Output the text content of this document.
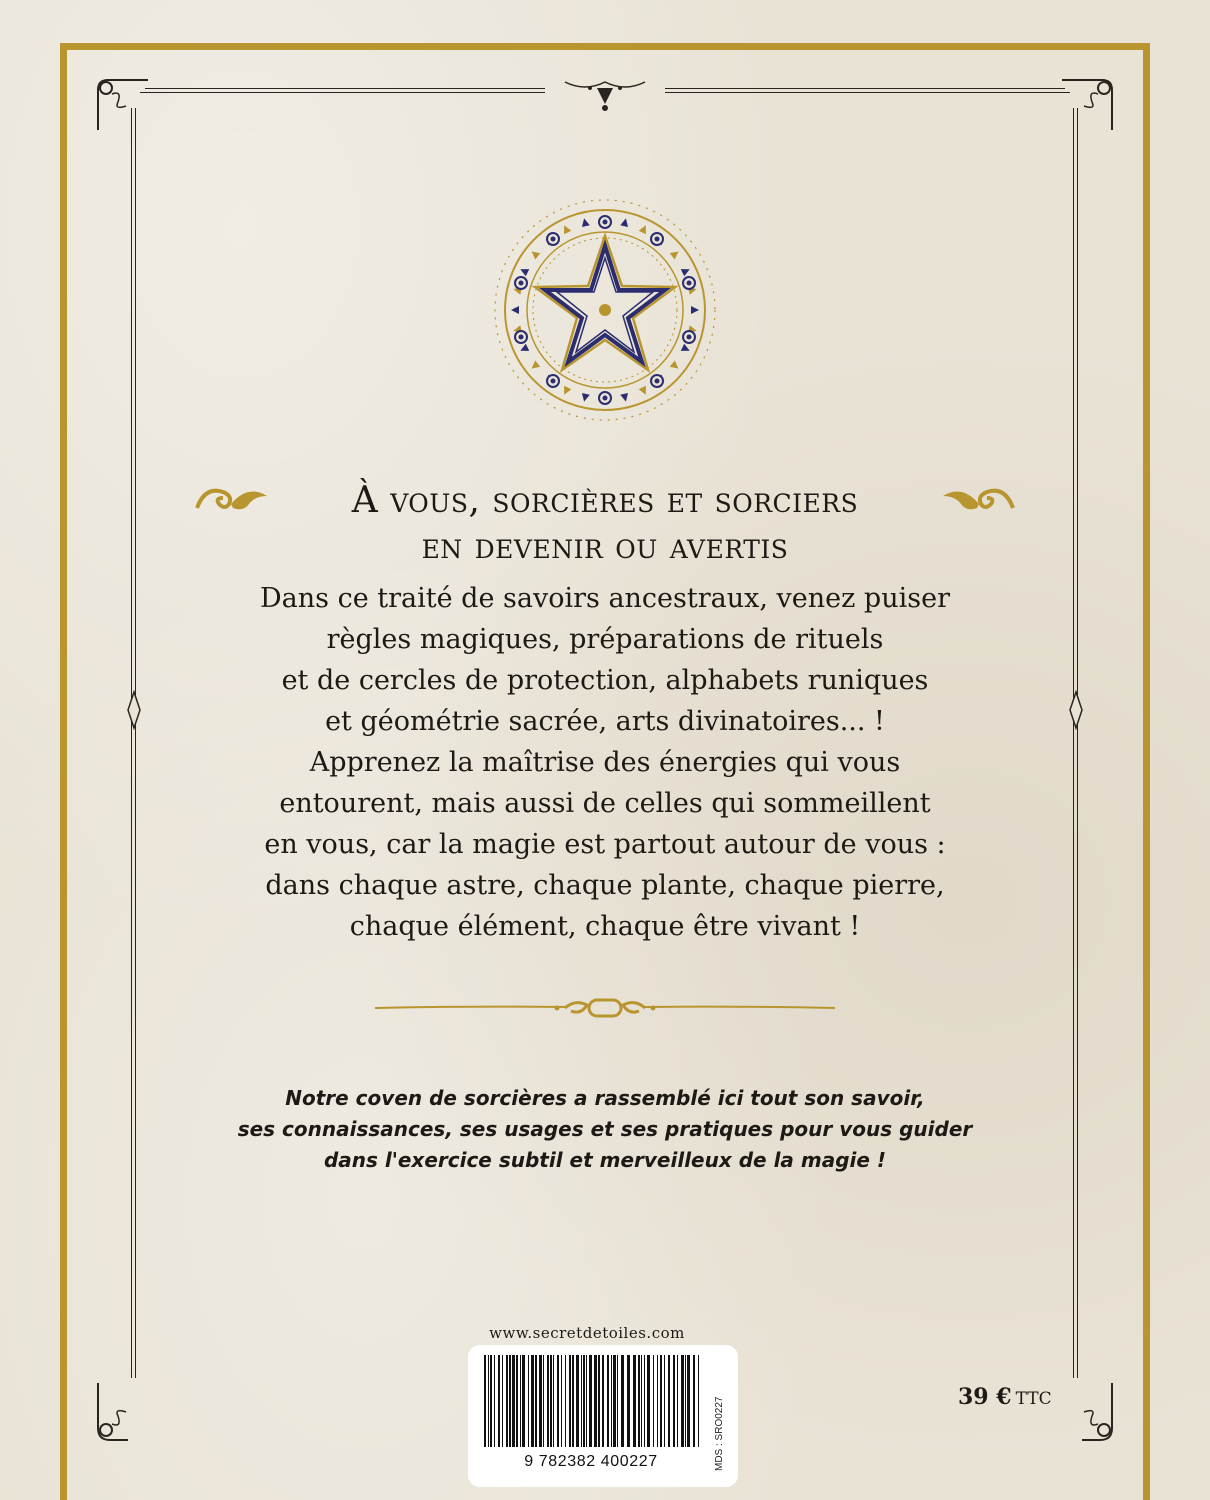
À vous, sorcières et sorciers
en devenir ou avertis
Dans ce traité de savoirs ancestraux, venez puiser
règles magiques, préparations de rituels
et de cercles de protection, alphabets runiques
et géométrie sacrée, arts divinatoires... !
Apprenez la maîtrise des énergies qui vous
entourent, mais aussi de celles qui sommeillent
en vous, car la magie est partout autour de vous :
dans chaque astre, chaque plante, chaque pierre,
chaque élément, chaque être vivant !
Notre coven de sorcières a rassemblé ici tout son savoir,
ses connaissances, ses usages et ses pratiques pour vous guider
dans l'exercice subtil et merveilleux de la magie !
www.secretdetoiles.com
9 782382 400227	MDS : SRO0227	39 € TTC
